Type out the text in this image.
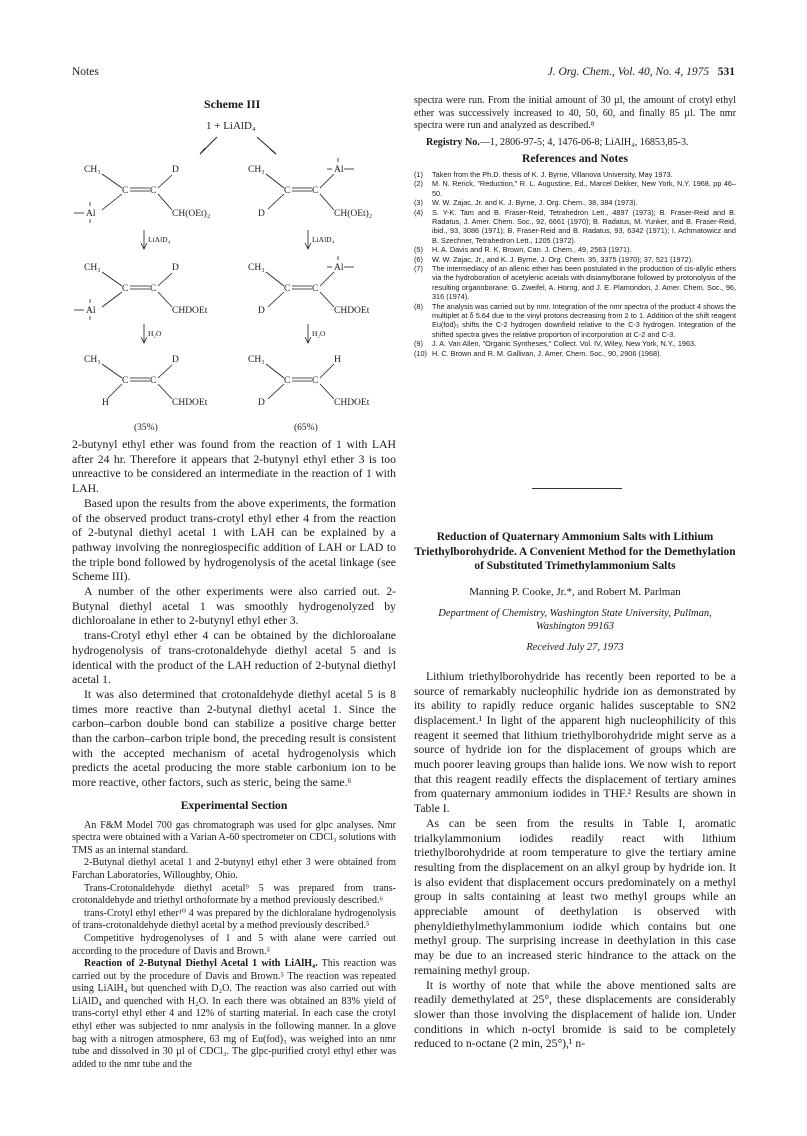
Notes	J. Org. Chem., Vol. 40, No. 4, 1975 531
Scheme III
1 + LiAlD₄
CH₃	D
C C
Al	CH(OEt)₂
CH₃	Al
C C
D	CH(OEt)₂
LiAlD₄	LiAlD₄
CH₃	D
C C
Al	CHDOEt
CH₃	Al
C C
D	CHDOEt
H₂O	H₂O
CH₃	D
C C
H	CHDOEt
CH₃	H
C C
D	CHDOEt
(35%)	(65%)

2-butynyl ethyl ether was found from the reaction of 1 with LAH after 24 hr. Therefore it appears that 2-butynyl ethyl ether 3 is too unreactive to be considered an intermediate in the reaction of 1 with LAH.

Based upon the results from the above experiments, the formation of the observed product trans-crotyl ethyl ether 4 from the reaction of 2-butynal diethyl acetal 1 with LAH can be explained by a pathway involving the nonregiospecific addition of LAH or LAD to the triple bond followed by hydrogenolysis of the acetal linkage (see Scheme III).

A number of the other experiments were also carried out. 2-Butynal diethyl acetal 1 was smoothly hydrogenolyzed by dichloroalane in ether to 2-butynyl ethyl ether 3.

trans-Crotyl ethyl ether 4 can be obtained by the dichloroalane hydrogenolysis of trans-crotonaldehyde diethyl acetal 5 and is identical with the product of the LAH reduction of 2-butynal diethyl acetal 1.

It was also determined that crotonaldehyde diethyl acetal 5 is 8 times more reactive than 2-butynal diethyl acetal 1. Since the carbon–carbon double bond can stabilize a positive charge better than the carbon–carbon triple bond, the preceding result is consistent with the accepted mechanism of acetal hydrogenolysis which predicts the acetal producing the more stable carbonium ion to be more reactive, other factors, such as steric, being the same.⁶

Experimental Section

An F&M Model 700 gas chromatograph was used for glpc analyses. Nmr spectra were obtained with a Varian A-60 spectrometer on CDCl₃ solutions with TMS as an internal standard.

2-Butynal diethyl acetal 1 and 2-butynyl ethyl ether 3 were obtained from Farchan Laboratories, Willoughby, Ohio.

Trans-Crotonaldehyde diethyl acetal⁹ 5 was prepared from trans-crotonaldehyde and triethyl orthoformate by a method previously described.⁶

trans-Crotyl ethyl ether¹⁰ 4 was prepared by the dichloralane hydrogenolysis of trans-crotonaldehyde diethyl acetal by a method previously described.⁵

Competitive hydrogenolyses of 1 and 5 with alane were carried out according to the procedure of Davis and Brown.⁵

Reaction of 2-Butynal Diethyl Acetal 1 with LiAlH₄. This reaction was carried out by the procedure of Davis and Brown.⁵ The reaction was repeated using LiAlH₄ but quenched with D₂O. The reaction was also carried out with LiAlD₄ and quenched with H₂O. In each there was obtained an 83% yield of trans-cortyl ethyl ether 4 and 12% of starting material. In each case the crotyl ethyl ether was subjected to nmr analysis in the following manner. In a glove bag with a nitrogen atmosphere, 63 mg of Eu(fod)₃ was weighed into an nmr tube and dissolved in 30 µl of CDCl₃. The glpc-purified crotyl ethyl ether was added to the nmr tube and the

spectra were run. From the initial amount of 30 µl, the amount of crotyl ethyl ether was successively increased to 40, 50, 60, and finally 85 µl. The nmr spectra were run and analyzed as described.⁸

Registry No.—1, 2806-97-5; 4, 1476-06-8; LiAlH₄, 16853,85-3.

References and Notes
(1)	Taken from the Ph.D. thesis of K. J. Byrne, Villanova University, May 1973.
(2)	M. N. Rerick, "Reduction," R. L. Augustine, Ed., Marcel Dekker, New York, N.Y. 1968, pp 46–50.
(3)	W. W. Zajac, Jr. and K. J. Byrne, J. Org. Chem., 38, 384 (1973).
(4)	S. Y-K. Tam and B. Fraser-Reid, Tetrahedron Lett., 4897 (1973); B. Fraser-Reid and B. Radatus, J. Amer. Chem. Soc., 92, 6661 (1970); B. Radatus, M. Yunker, and B. Fraser-Reid, ibid., 93, 3086 (1971); B. Fraser-Reid and B. Radatus, 93, 6342 (1971); I. Achmatowicz and B. Szechner, Tetrahedron Lett., 1205 (1972).
(5)	H. A. Davis and R. K. Brown, Can. J. Chem., 49, 2563 (1971).
(6)	W. W. Zajac, Jr., and K. J. Byrne, J. Org. Chem. 35, 3375 (1970); 37, 521 (1972).
(7)	The intermediacy of an allenic ether has been postulated in the production of cis-allylic ethers via the hydroboration of acetylenic acetals with disiamylborane followed by protonolysis of the resulting organoborane: G. Zweifel, A. Horng, and J. E. Plamondon, J. Amer. Chem. Soc., 96, 316 (1974).
(8)	The analysis was carried out by nmr. Integration of the nmr spectra of the product 4 shows the multiplet at δ 5.64 due to the vinyl protons decreasing from 2 to 1. Addition of the shift reagent Eu(fod)₃ shifts the C-2 hydrogen downfield relative to the C-3 hydrogen. Integration of the shifted spectra gives the relative proportion of incorporation at C-2 and C-3.
(9)	J. A. Van Allen, "Organic Syntheses," Collect. Vol. IV, Wiley, New York, N.Y., 1963.
(10) H. C. Brown and R. M. Gallivan, J. Amer. Chem. Soc., 90, 2906 (1968).
Reduction of Quaternary Ammonium Salts with Lithium Triethylborohydride. A Convenient Method for the Demethylation of Substituted Trimethylammonium Salts
Manning P. Cooke, Jr.*, and Robert M. Parlman
Department of Chemistry, Washington State University, Pullman, Washington 99163
Received July 27, 1973

Lithium triethylborohydride has recently been reported to be a source of remarkably nucleophilic hydride ion as demonstrated by its ability to rapidly reduce organic halides susceptable to SN2 displacement.¹ In light of the apparent high nucleophilicity of this reagent it seemed that lithium triethylborohydride might serve as a source of hydride ion for the displacement of groups which are much poorer leaving groups than halide ions. We now wish to report that this reagent readily effects the displacement of tertiary amines from quaternary ammonium iodides in THF.² Results are shown in Table I.

As can be seen from the results in Table I, aromatic trialkylammonium iodides readily react with lithium triethylborohydride at room temperature to give the tertiary amine resulting from the displacement on an alkyl group by hydride ion. It is also evident that displacement occurs predominately on a methyl group in salts containing at least two methyl groups while an appreciable amount of deethylation is observed with phenyldiethylmethylammonium iodide which contains but one methyl group. The surprising increase in deethylation in this case may be due to an increased steric hindrance to the attack on the remaining methyl group.

It is worthy of note that while the above mentioned salts are readily demethylated at 25°, these displacements are considerably slower than those involving the displacement of halide ion. Under conditions in which n-octyl bromide is said to be completely reduced to n-octane (2 min, 25°),¹ n-
